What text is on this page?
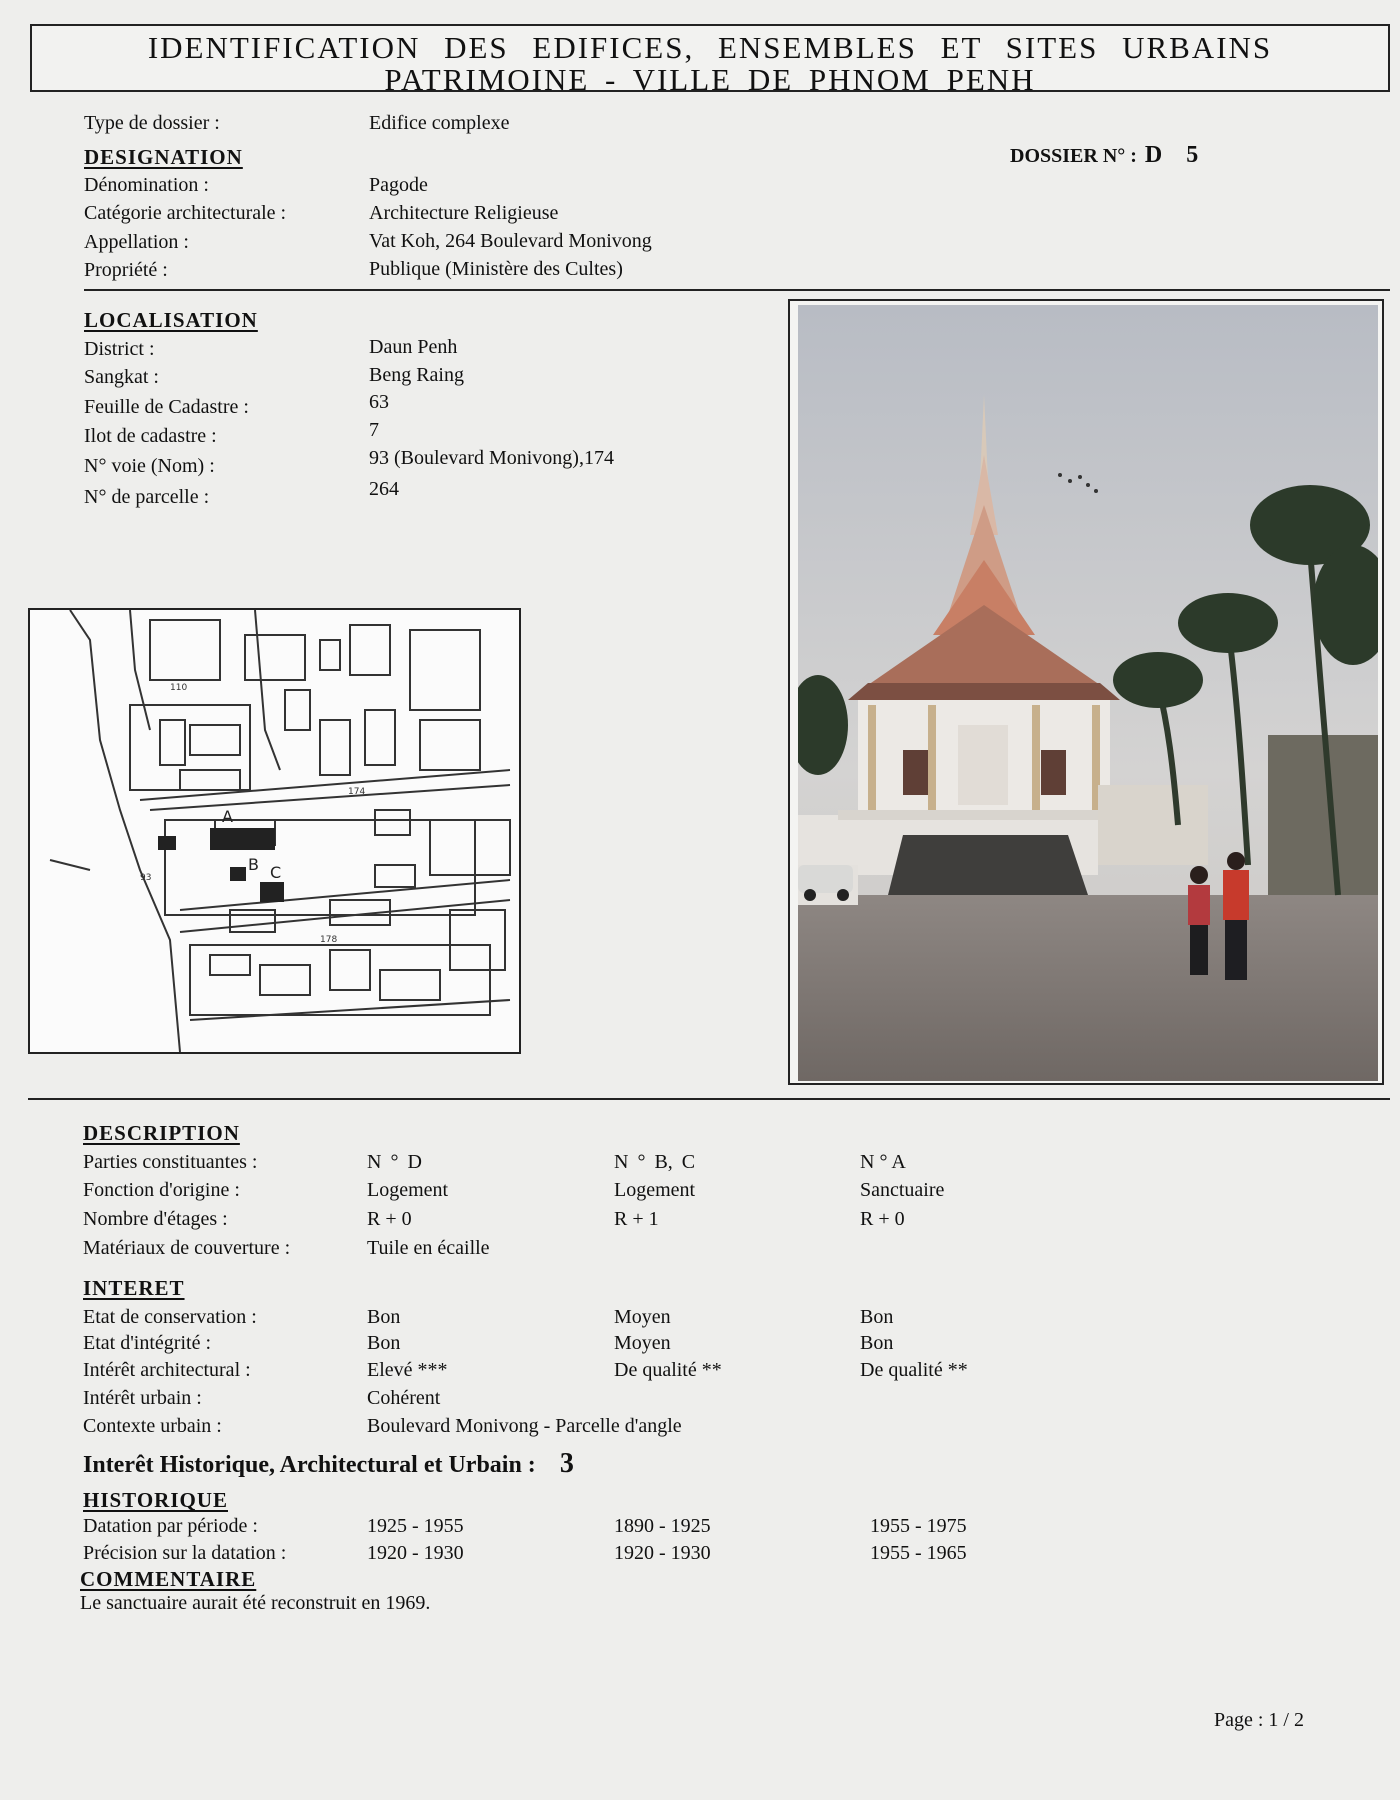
IDENTIFICATION DES EDIFICES, ENSEMBLES ET SITES URBAINS
PATRIMOINE - VILLE DE PHNOM PENH
Type de dossier :	Edifice complexe
DESIGNATION	DOSSIER N° : D 5
Dénomination :	Pagode
Catégorie architecturale :	Architecture Religieuse
Appellation :	Vat Koh, 264 Boulevard Monivong
Propriété :	Publique (Ministère des Cultes)
LOCALISATION
District :	Daun Penh
Sangkat :	Beng Raing
Feuille de Cadastre :	63
Ilot de cadastre :	7
N° voie (Nom) :	93 (Boulevard Monivong),174
N° de parcelle :	264
A
B C
174
178
110
93
DESCRIPTION
Parties constituantes :	N ° D	N ° B, C	N ° A
Fonction d'origine :	Logement	Logement	Sanctuaire
Nombre d'étages :	R + 0	R + 1	R + 0
Matériaux de couverture :	Tuile en écaille
INTERET
Etat de conservation :	Bon	Moyen	Bon
Etat d'intégrité :	Bon	Moyen	Bon
Intérêt architectural :	Elevé ***	De qualité **	De qualité **
Intérêt urbain :	Cohérent
Contexte urbain :	Boulevard Monivong - Parcelle d'angle
Interêt Historique, Architectural et Urbain : 3
HISTORIQUE
Datation par période :	1925 - 1955	1890 - 1925	1955 - 1975
Précision sur la datation :	1920 - 1930	1920 - 1930	1955 - 1965
COMMENTAIRE
Le sanctuaire aurait été reconstruit en 1969.
Page : 1 / 2
